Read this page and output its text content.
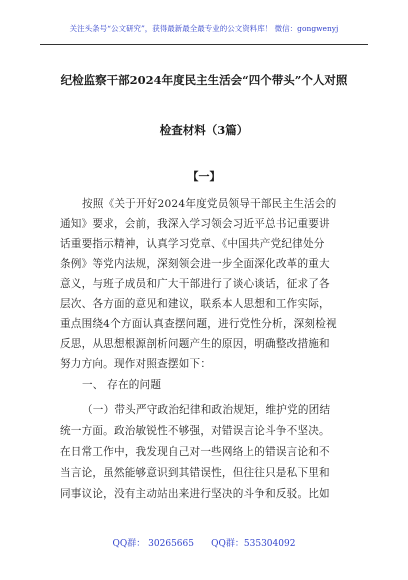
关注头条号“公文研究”，获得最新最全最专业的公文资料库！ 微信：gongwenyj
纪检监察干部2024年度民主生活会“四个带头”个人对照
检查材料（3篇）
【一】
按照《关于开好2024年度党员领导干部民主生活会的
通知》要求，会前，我深入学习领会习近平总书记重要讲
话重要指示精神，认真学习党章、《中国共产党纪律处分
条例》等党内法规，深刻领会进一步全面深化改革的重大
意义，与班子成员和广大干部进行了谈心谈话，征求了各
层次、各方面的意见和建议，联系本人思想和工作实际，
重点围绕4个方面认真查摆问题，进行党性分析，深刻检视
反思，从思想根源剖析问题产生的原因，明确整改措施和
努力方向。现作对照查摆如下：
一、 存在的问题
（一）带头严守政治纪律和政治规矩，维护党的团结
统一方面。政治敏锐性不够强，对错误言论斗争不坚决。
在日常工作中，我发现自己对一些网络上的错误言论和不
当言论，虽然能够意识到其错误性，但往往只是私下里和
同事议论，没有主动站出来进行坚决的斗争和反驳。比如
QQ群： 30265665      QQ群：535304092
